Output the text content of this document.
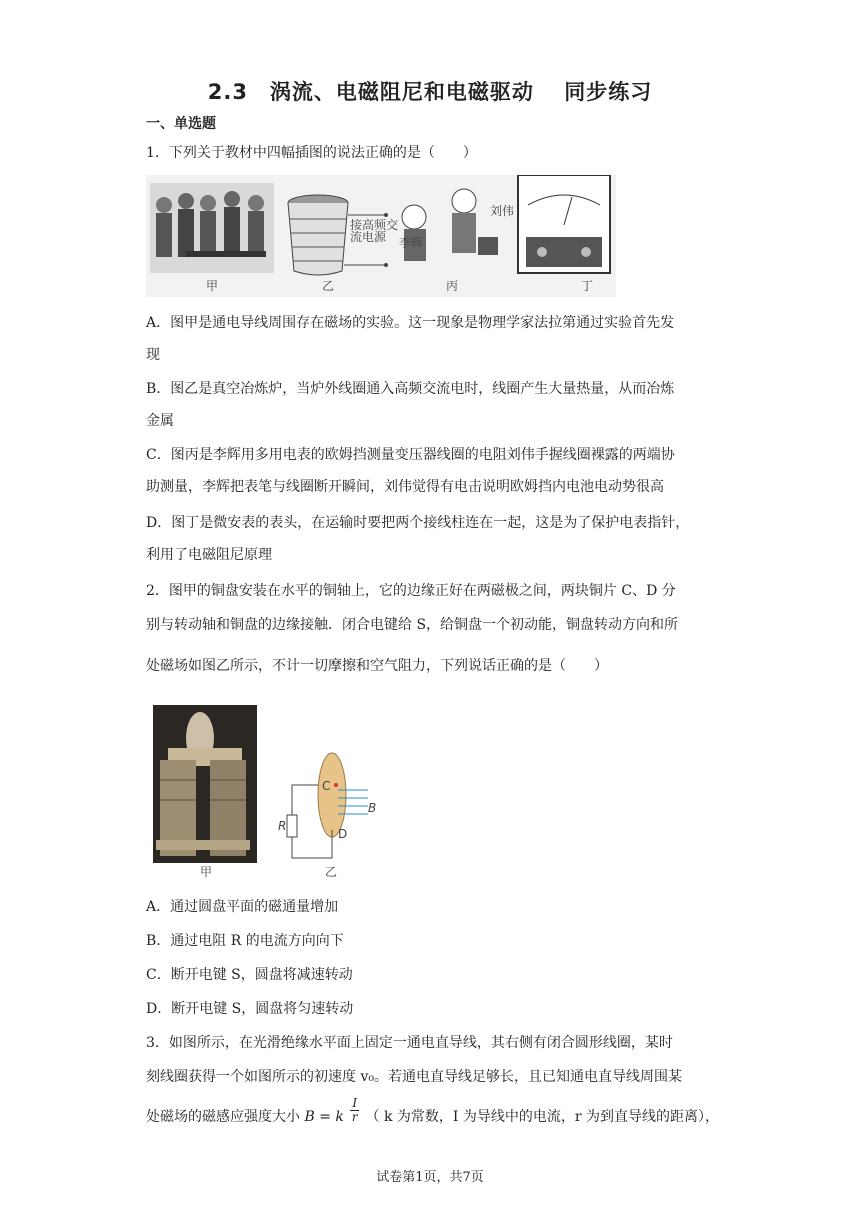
2.3　涡流、电磁阻尼和电磁驱动　 同步练习
一、单选题
1．下列关于教材中四幅插图的说法正确的是（　　）
甲
接高频交
流电源
乙
李辉
刘伟
丙	丁
A．图甲是通电导线周围存在磁场的实验。这一现象是物理学家法拉第通过实验首先发
现
B．图乙是真空冶炼炉，当炉外线圈通入高频交流电时，线圈产生大量热量，从而冶炼
金属
C．图丙是李辉用多用电表的欧姆挡测量变压器线圈的电阻刘伟手握线圈裸露的两端协
助测量，李辉把表笔与线圈断开瞬间，刘伟觉得有电击说明欧姆挡内电池电动势很高
D．图丁是微安表的表头，在运输时要把两个接线柱连在一起，这是为了保护电表指针，
利用了电磁阻尼原理
2．图甲的铜盘安装在水平的铜轴上，它的边缘正好在两磁极之间，两块铜片 C、D 分
别与转动轴和铜盘的边缘接触．闭合电键给 S，给铜盘一个初动能，铜盘转动方向和所
处磁场如图乙所示，不计一切摩擦和空气阻力，下列说话正确的是（　　）
甲
C
D
B
R
乙
A．通过圆盘平面的磁通量增加
B．通过电阻 R 的电流方向向下
C．断开电键 S，圆盘将减速转动
D．断开电键 S，圆盘将匀速转动
3．如图所示，在光滑绝缘水平面上固定一通电直导线，其右侧有闭合圆形线圈，某时
刻线圈获得一个如图所示的初速度 v₀。若通电直导线足够长，且已知通电直导线周围某
处磁场的磁感应强度大小 B = k $\frac{I}{r}$ （ k 为常数，I 为导线中的电流，r 为到直导线的距离），
试卷第1页，共7页
